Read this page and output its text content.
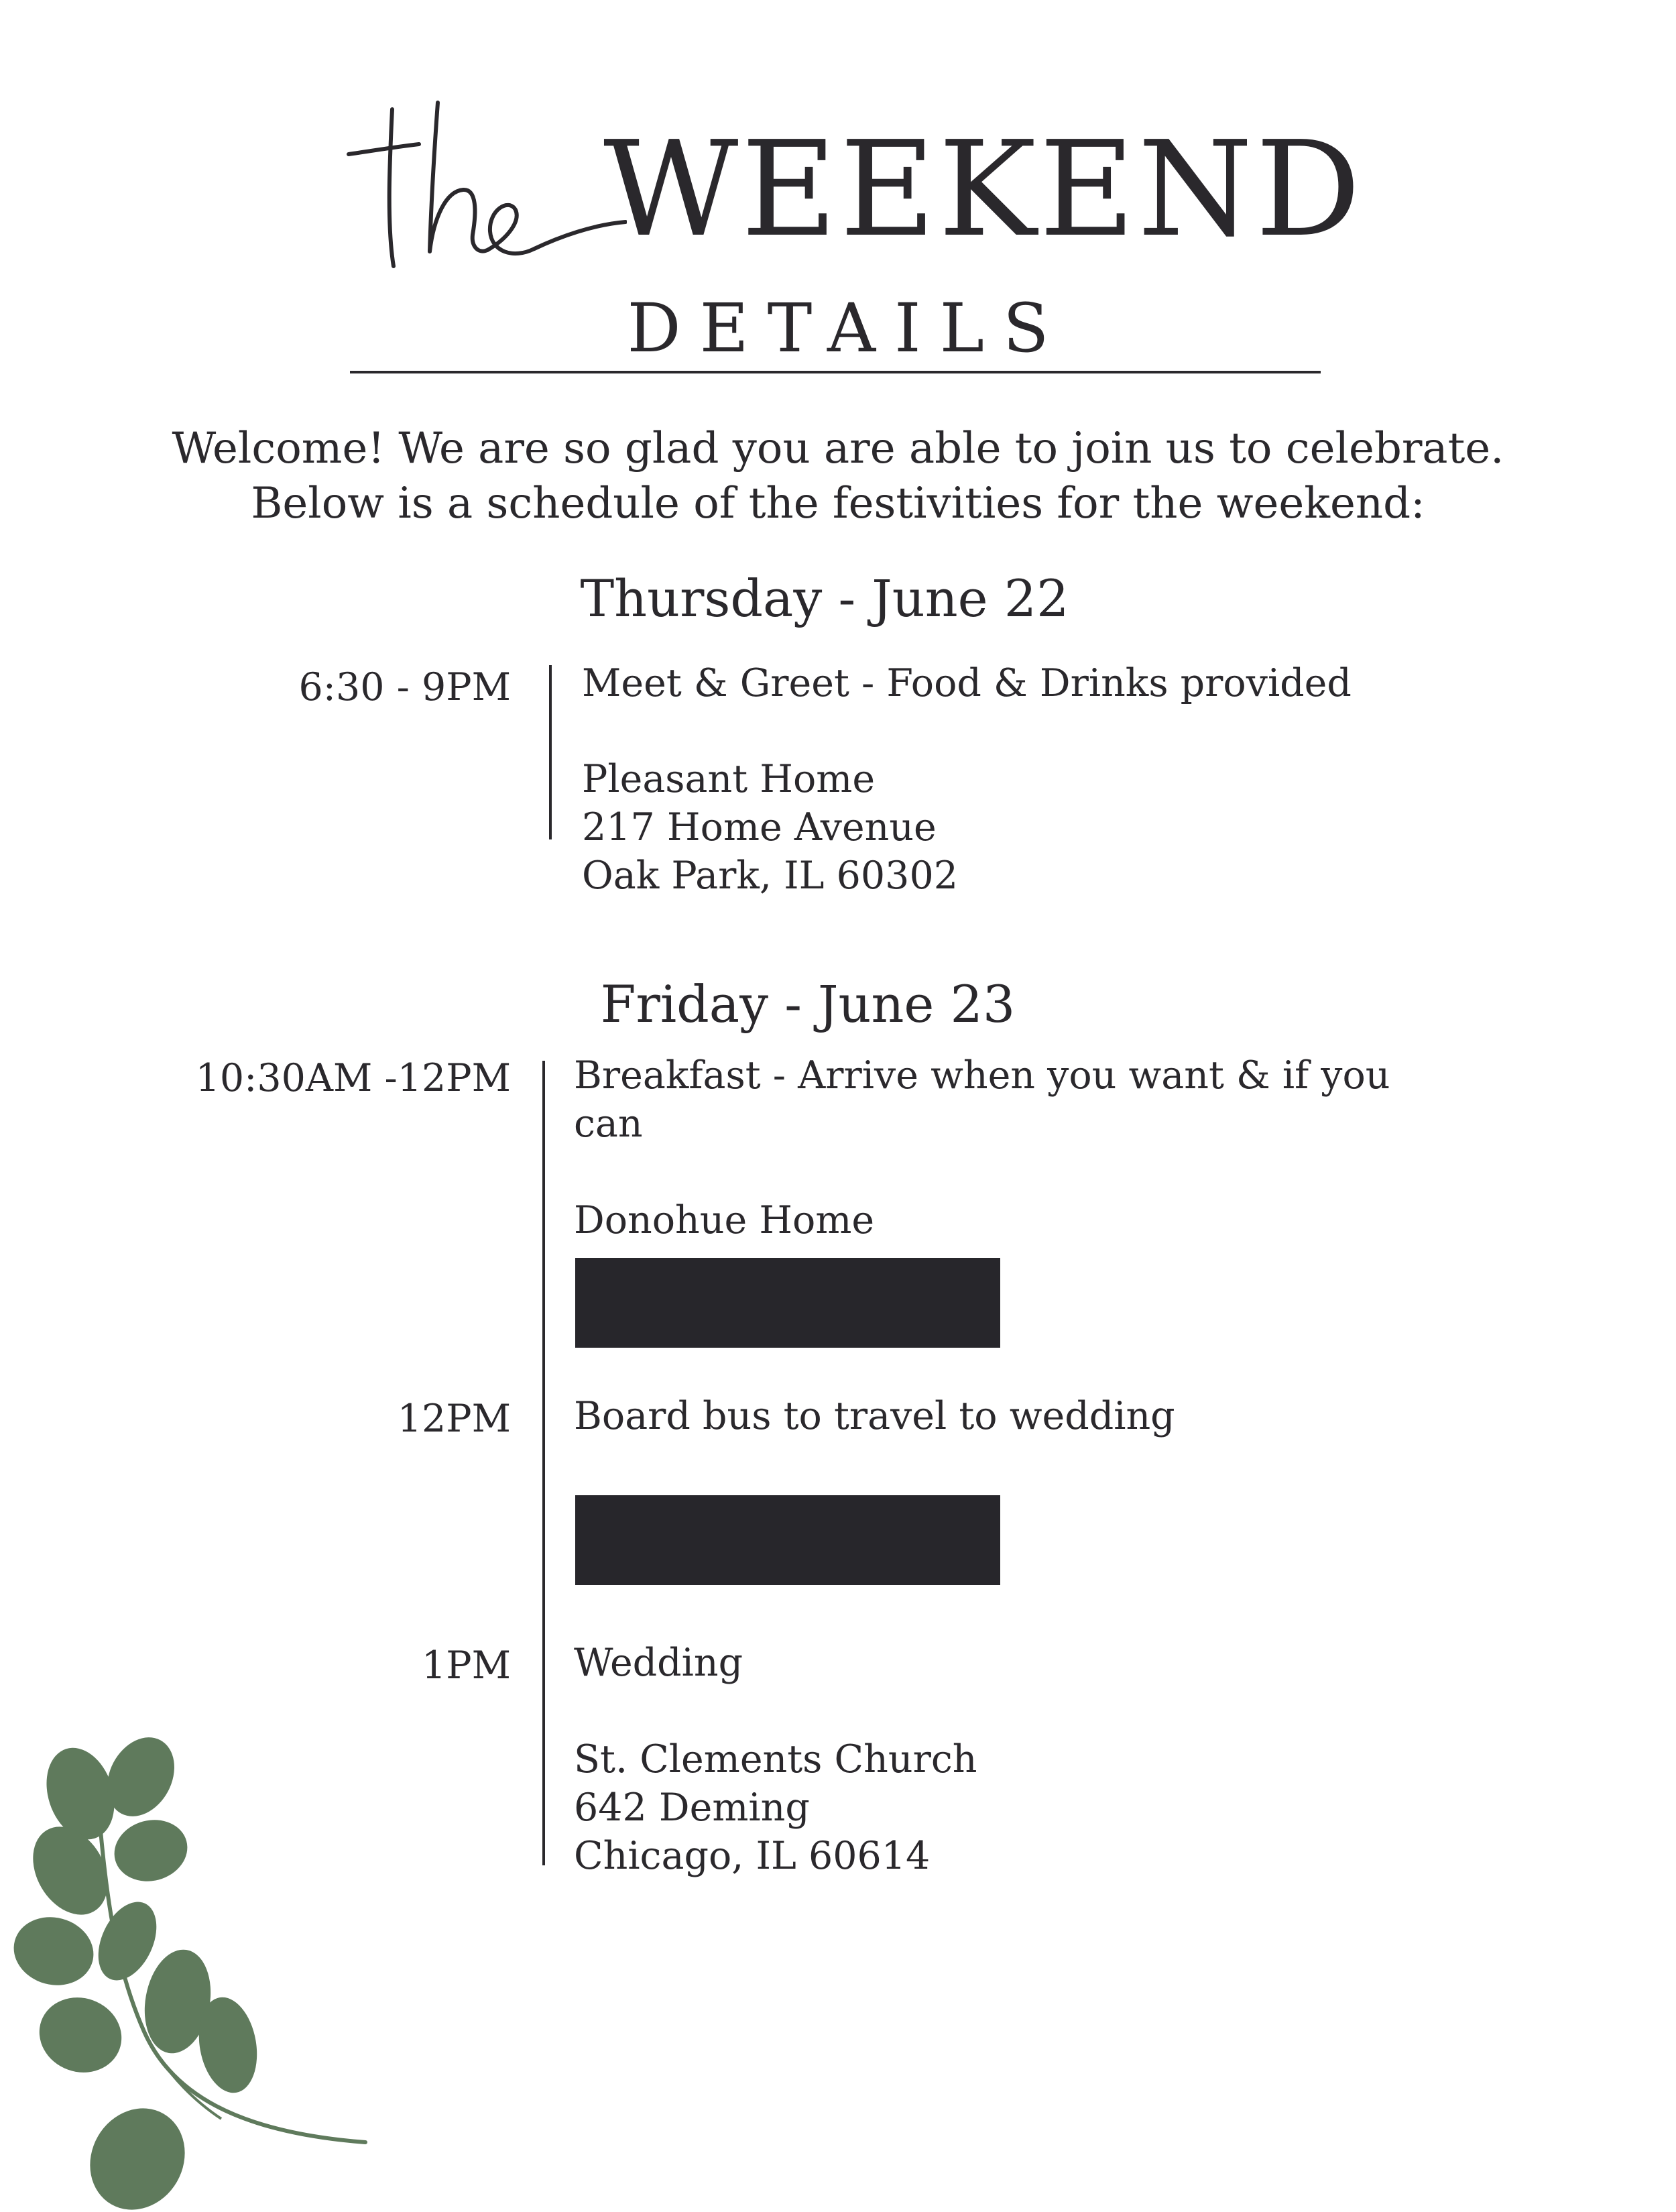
WEEKEND
DETAILS
Welcome! We are so glad you are able to join us to celebrate.
Below is a schedule of the festivities for the weekend:
Thursday - June 22
6:30 - 9PM Meet & Greet - Food & Drinks provided
Pleasant Home
217 Home Avenue
Oak Park, IL 60302
Friday - June 23
10:30AM -12PM Breakfast - Arrive when you want & if you
can
Donohue Home
12PM Board bus to travel to wedding
1PM Wedding
St. Clements Church
642 Deming
Chicago, IL 60614
